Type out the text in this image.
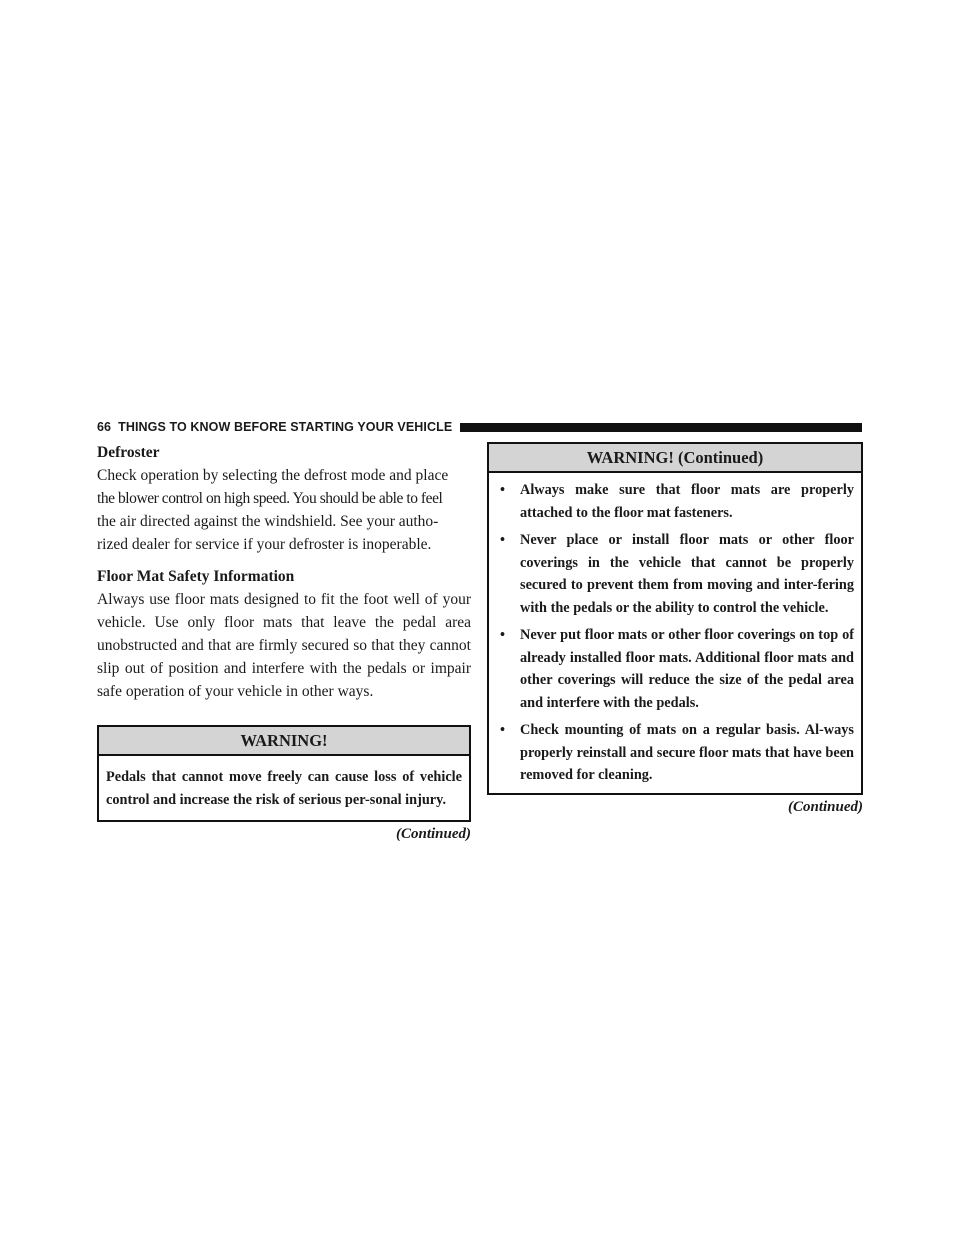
66 THINGS TO KNOW BEFORE STARTING YOUR VEHICLE
Defroster

Check operation by selecting the defrost mode and place
the blower control on high speed. You should be able to feel
the air directed against the windshield. See your autho-
rized dealer for service if your defroster is inoperable.

Floor Mat Safety Information

Always use floor mats designed to fit the foot well of your vehicle. Use only floor mats that leave the pedal area unobstructed and that are firmly secured so that they cannot slip out of position and interfere with the pedals or impair safe operation of your vehicle in other ways.

WARNING!
Pedals that cannot move freely can cause loss of vehicle control and increase the risk of serious per-sonal injury.
(Continued)
WARNING! (Continued)
• Always make sure that floor mats are properly attached to the floor mat fasteners.
• Never place or install floor mats or other floor coverings in the vehicle that cannot be properly secured to prevent them from moving and inter-fering with the pedals or the ability to control the vehicle.
• Never put floor mats or other floor coverings on top of already installed floor mats. Additional floor mats and other coverings will reduce the size of the pedal area and interfere with the pedals.
• Check mounting of mats on a regular basis. Al-ways properly reinstall and secure floor mats that have been removed for cleaning.
(Continued)
